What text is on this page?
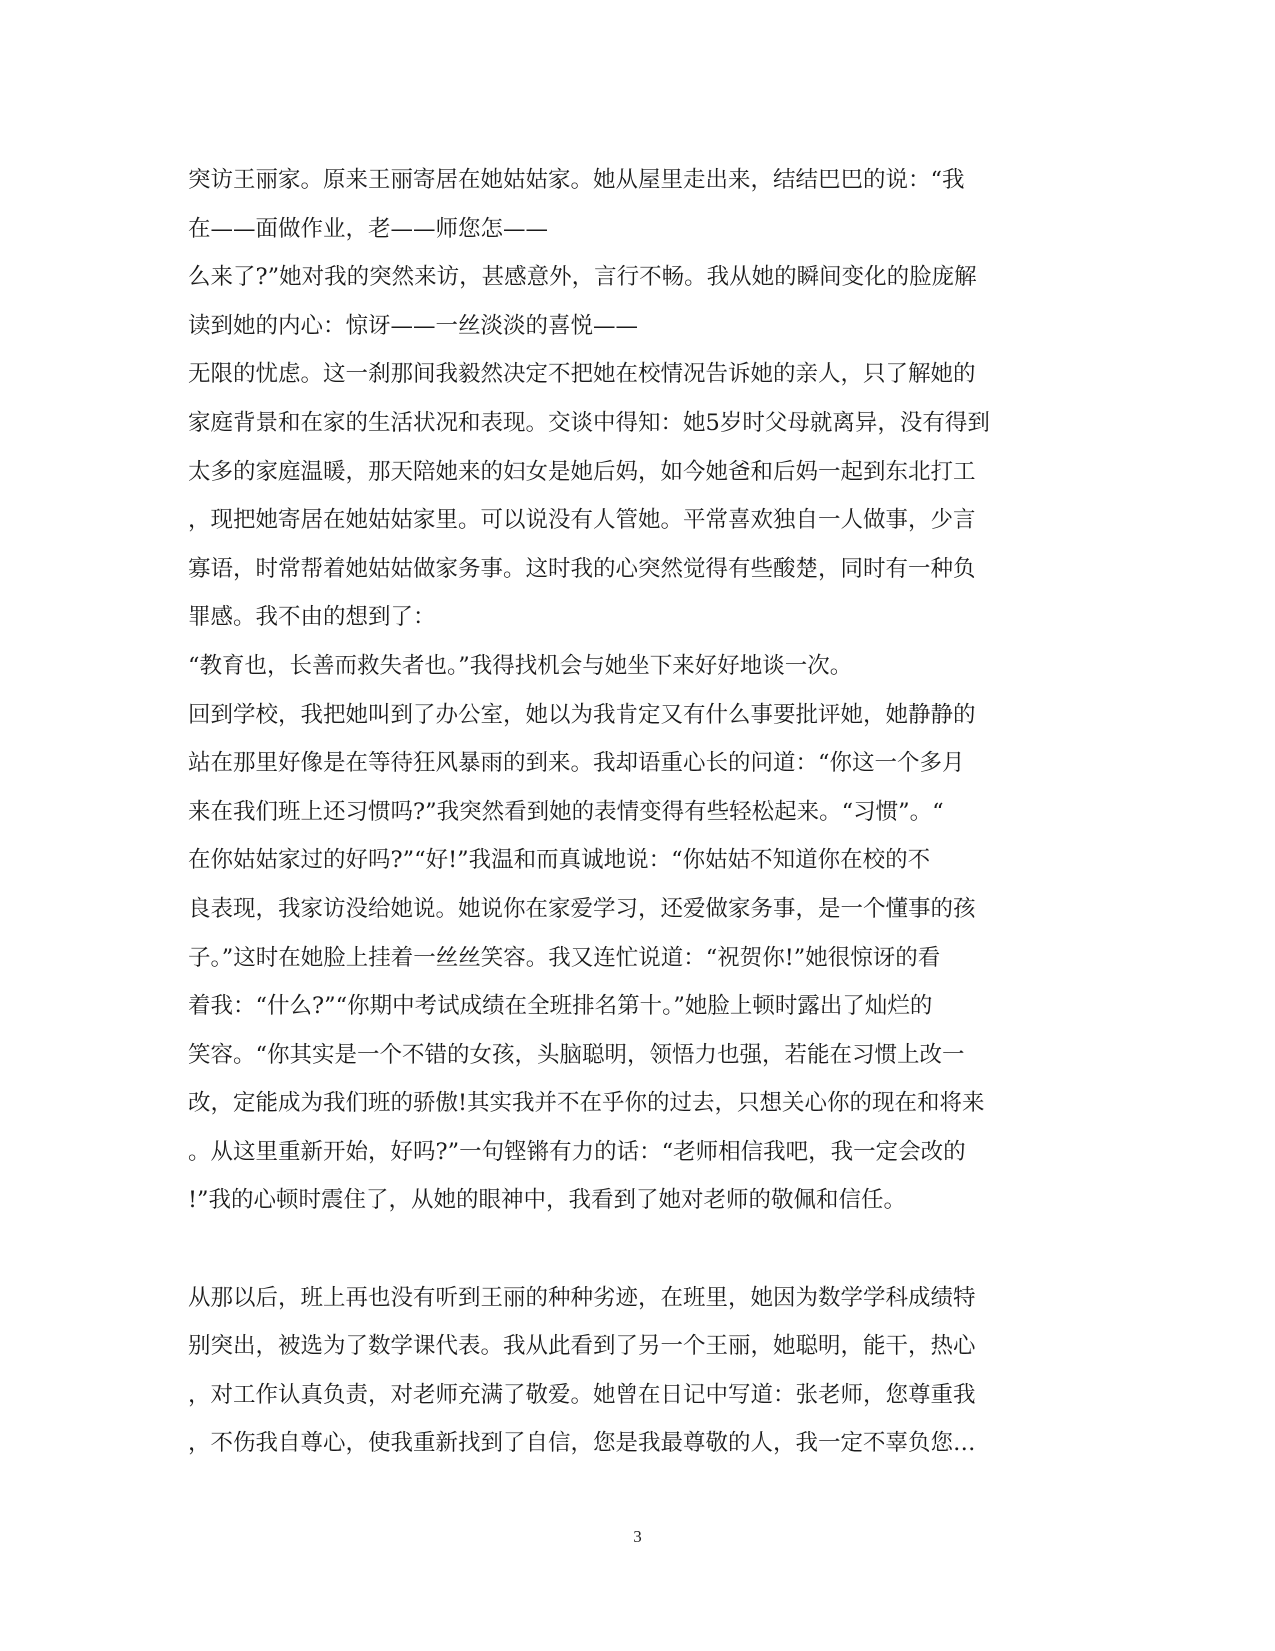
突访王丽家。原来王丽寄居在她姑姑家。她从屋里走出来，结结巴巴的说：“我
在——面做作业，老——师您怎——
么来了?”她对我的突然来访，甚感意外，言行不畅。我从她的瞬间变化的脸庞解
读到她的内心：惊讶——一丝淡淡的喜悦——
无限的忧虑。这一刹那间我毅然决定不把她在校情况告诉她的亲人，只了解她的
家庭背景和在家的生活状况和表现。交谈中得知：她5岁时父母就离异，没有得到
太多的家庭温暖，那天陪她来的妇女是她后妈，如今她爸和后妈一起到东北打工
，现把她寄居在她姑姑家里。可以说没有人管她。平常喜欢独自一人做事，少言
寡语，时常帮着她姑姑做家务事。这时我的心突然觉得有些酸楚，同时有一种负
罪感。我不由的想到了：
“教育也，长善而救失者也。”我得找机会与她坐下来好好地谈一次。
回到学校，我把她叫到了办公室，她以为我肯定又有什么事要批评她，她静静的
站在那里好像是在等待狂风暴雨的到来。我却语重心长的问道：“你这一个多月
来在我们班上还习惯吗?”我突然看到她的表情变得有些轻松起来。“习惯”。“
在你姑姑家过的好吗?”“好!”我温和而真诚地说：“你姑姑不知道你在校的不
良表现，我家访没给她说。她说你在家爱学习，还爱做家务事，是一个懂事的孩
子。”这时在她脸上挂着一丝丝笑容。我又连忙说道：“祝贺你!”她很惊讶的看
着我：“什么?”“你期中考试成绩在全班排名第十。”她脸上顿时露出了灿烂的
笑容。“你其实是一个不错的女孩，头脑聪明，领悟力也强，若能在习惯上改一
改，定能成为我们班的骄傲!其实我并不在乎你的过去，只想关心你的现在和将来
。从这里重新开始，好吗?”一句铿锵有力的话：“老师相信我吧，我一定会改的
!”我的心顿时震住了，从她的眼神中，我看到了她对老师的敬佩和信任。
从那以后，班上再也没有听到王丽的种种劣迹，在班里，她因为数学学科成绩特
别突出，被选为了数学课代表。我从此看到了另一个王丽，她聪明，能干，热心
，对工作认真负责，对老师充满了敬爱。她曾在日记中写道：张老师，您尊重我
，不伤我自尊心，使我重新找到了自信，您是我最尊敬的人，我一定不辜负您…
3
